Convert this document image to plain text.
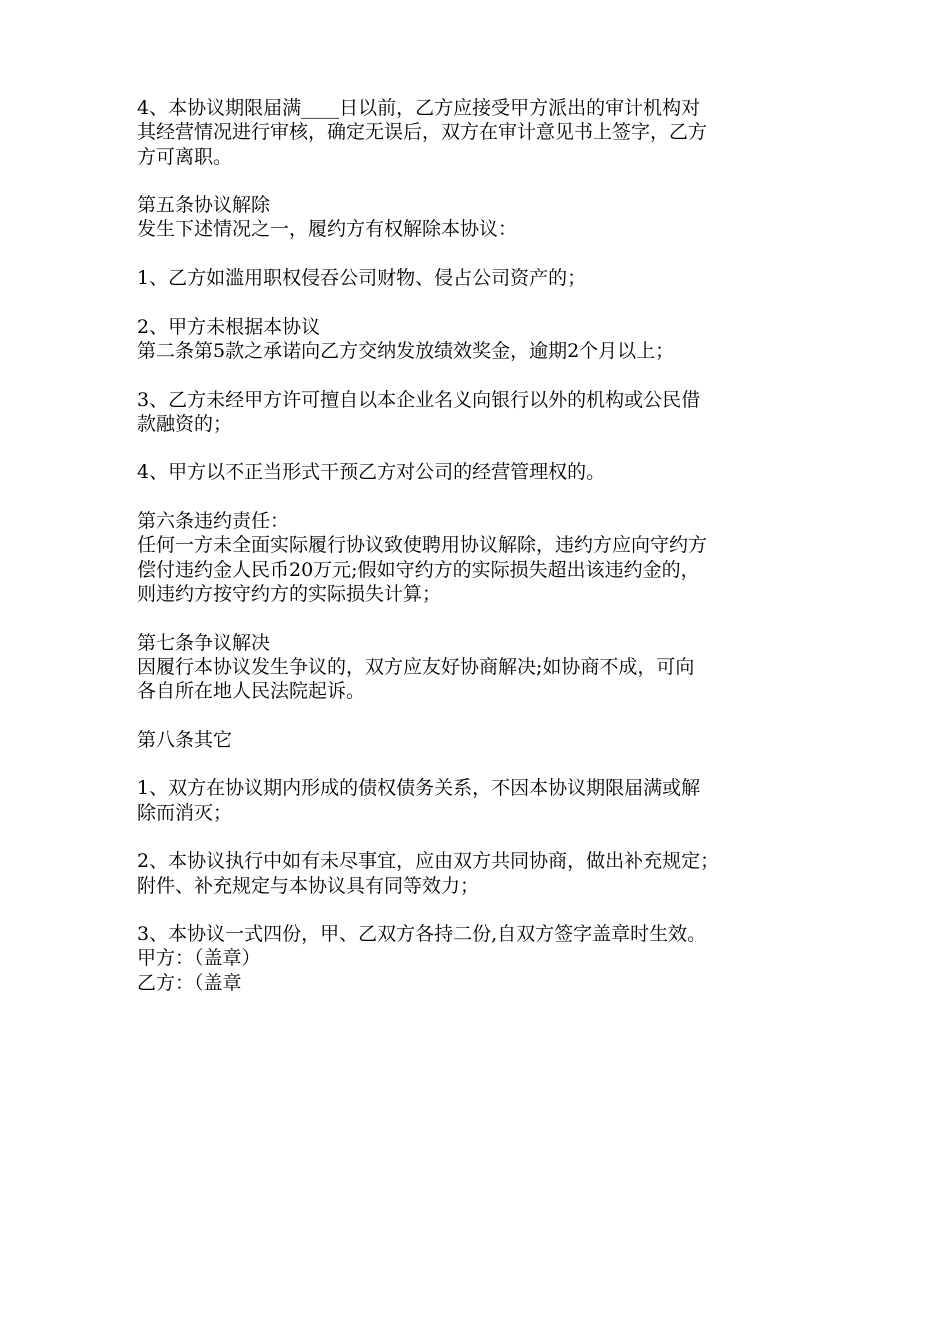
4、本协议期限届满____日以前，乙方应接受甲方派出的审计机构对
其经营情况进行审核，确定无误后，双方在审计意见书上签字，乙方
方可离职。
第五条协议解除
发生下述情况之一，履约方有权解除本协议：
1、乙方如滥用职权侵吞公司财物、侵占公司资产的；
2、甲方未根据本协议
第二条第5款之承诺向乙方交纳发放绩效奖金，逾期2个月以上；
3、乙方未经甲方许可擅自以本企业名义向银行以外的机构或公民借
款融资的；
4、甲方以不正当形式干预乙方对公司的经营管理权的。
第六条违约责任：
任何一方未全面实际履行协议致使聘用协议解除，违约方应向守约方
偿付违约金人民币20万元;假如守约方的实际损失超出该违约金的，
则违约方按守约方的实际损失计算；
第七条争议解决
因履行本协议发生争议的，双方应友好协商解决;如协商不成，可向
各自所在地人民法院起诉。
第八条其它
1、双方在协议期内形成的债权债务关系，不因本协议期限届满或解
除而消灭；
2、本协议执行中如有未尽事宜，应由双方共同协商，做出补充规定；
附件、补充规定与本协议具有同等效力；
3、本协议一式四份，甲、乙双方各持二份,自双方签字盖章时生效。
甲方：（盖章）
乙方：（盖章
